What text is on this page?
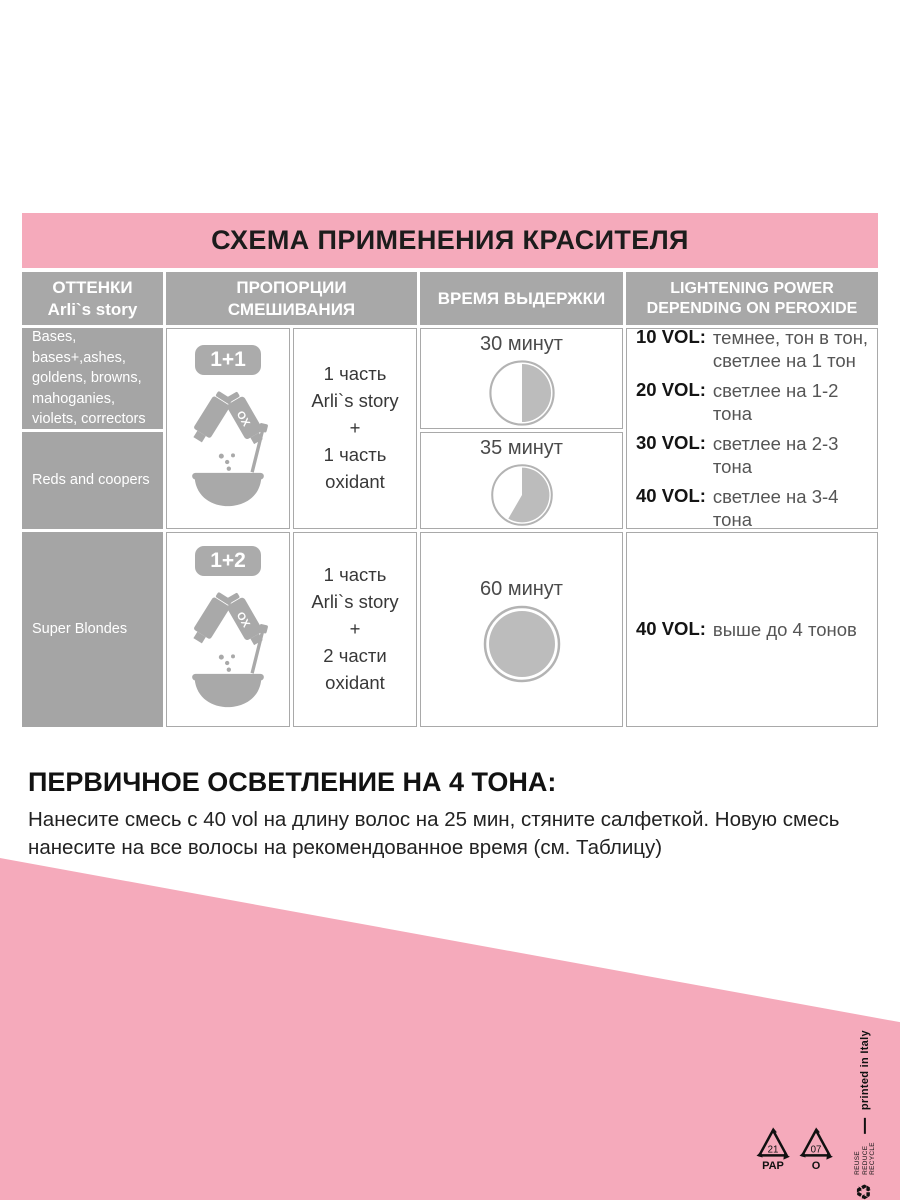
СХЕМА ПРИМЕНЕНИЯ КРАСИТЕЛЯ
ОТТЕНКИ
Arli`s story
ПРОПОРЦИИ
СМЕШИВАНИЯ
ВРЕМЯ ВЫДЕРЖКИ
LIGHTENING POWER
DEPENDING ON PEROXIDE
Bases, bases+,ashes, goldens, browns, mahoganies, violets, correctors
Reds and coopers
1+1
OX
1 часть
Arli`s story
+
1 часть
oxidant
30 минут
35 минут
10 VOL: темнее, тон в тон,
светлее на 1 тон
20 VOL: светлее на 1-2 тона
30 VOL: светлее на 2-3 тона
40 VOL: светлее на 3-4 тона
Super Blondes
1+2
OX
1 часть
Arli`s story
+
2 части
oxidant
60 минут
40 VOL: выше до 4 тонов
ПЕРВИЧНОЕ ОСВЕТЛЕНИЕ НА 4 ТОНА:
Нанесите смесь с 40 vol на длину волос на 25 мин, стяните салфеткой. Новую смесь
нанесите на все волосы на рекомендованное время (см. Таблицу)
21
PAP
07
O
♻
REUSE REDUCE RECYCLE
printed in Italy
